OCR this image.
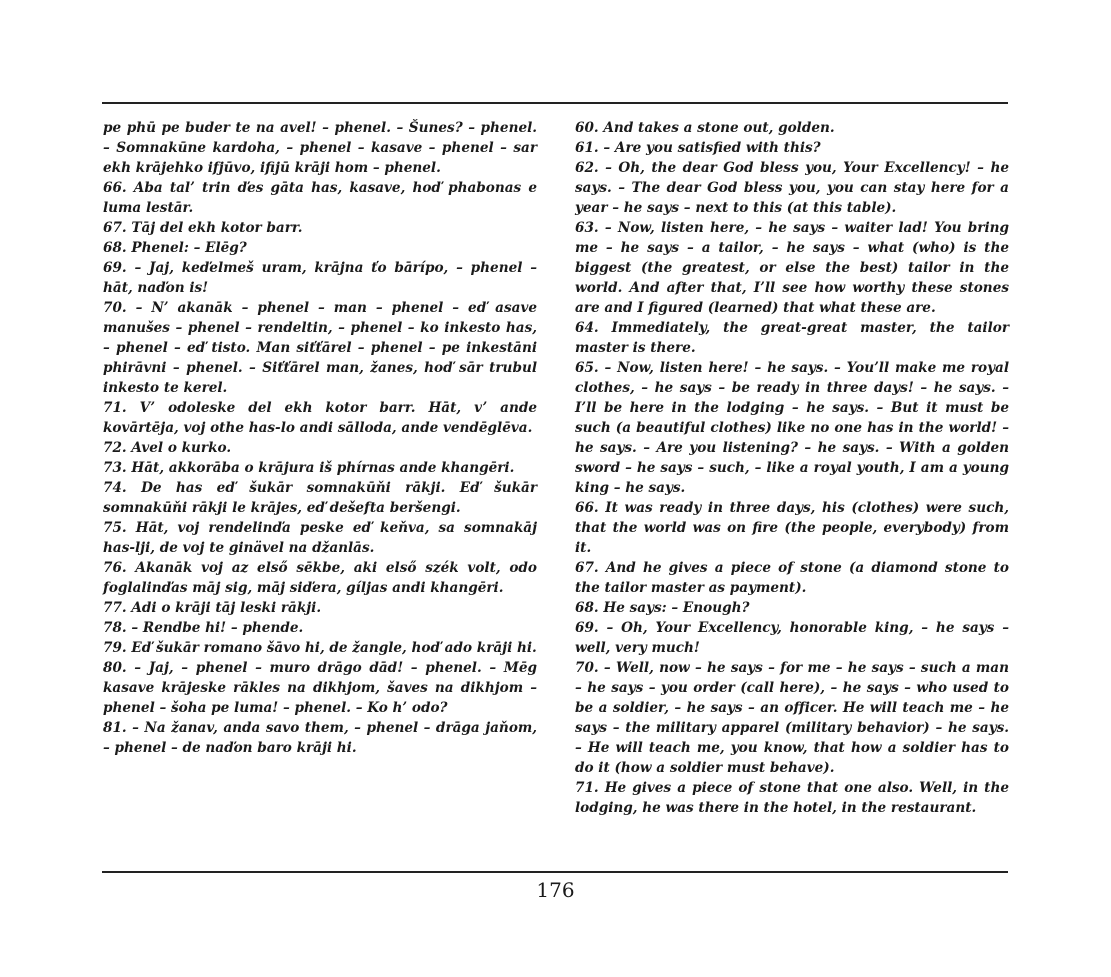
pe phū pe buder te na avel! – phenel. – Šunes? – phenel. – Somnakūne kardoha, – phenel – kasave – phenel – sar ekh krājehko ifjūvo, ifijū krāji hom – phenel.

66. Aba tal’ trin ďes gāta has, kasave, hoď phabonas e luma lestār.

67. Tāj del ekh kotor barr.

68. Phenel: – Elēg?

69. – Jaj, keďelmeš uram, krājna ťo bārípo, – phenel – hāt, naďon is!

70. – N’ akanāk – phenel – man – phenel – eď asave manušes – phenel – rendeltin, – phenel – ko inkesto has, – phenel – eď tisto. Man siťťārel – phenel – pe inkestāni phirāvni – phenel. – Siťťārel man, žanes, hoď sār trubul inkesto te kerel.

71. V’ odoleske del ekh kotor barr. Hāt, v’ ande kovārtēja, voj othe has-lo andi sālloda, ande vendēglēva.

72. Avel o kurko.

73. Hāt, akkorāba o krājura iš phírnas ande khangēri.

74. De has eď šukār somnakūňi rākji. Eď šukār somnakūňi rākji le krājes, eď dešefta beršengi.

75. Hāt, voj rendelinďa peske eď keňva, sa somnakāj has-lji, de voj te ginävel na džanlās.

76. Akanāk voj az első sēkbe, aki első szék volt, odo foglalinďas māj sig, māj siďera, gíljas andi khangēri.

77. Adi o krāji tāj leski rākji.

78. – Rendbe hi! – phende.

79. Eď šukār romano šāvo hi, de žangle, hoď ado krāji hi.

80. – Jaj, – phenel – muro drāgo dād! – phenel. – Mēg kasave krājeske rākles na dikhjom, šaves na dikhjom – phenel – šoha pe luma! – phenel. – Ko h’ odo?

81. – Na žanav, anda savo them, – phenel – drāga jaňom, – phenel – de naďon baro krāji hi.

60. And takes a stone out, golden.

61. – Are you satisfied with this?

62. – Oh, the dear God bless you, Your Excellency! – he says. – The dear God bless you, you can stay here for a year – he says – next to this (at this table).

63. – Now, listen here, – he says – waiter lad! You bring me – he says – a tailor, – he says – what (who) is the biggest (the greatest, or else the best) tailor in the world. And after that, I’ll see how worthy these stones are and I figured (learned) that what these are.

64. Immediately, the great-great master, the tailor master is there.

65. – Now, listen here! – he says. – You’ll make me royal clothes, – he says – be ready in three days! – he says. – I’ll be here in the lodging – he says. – But it must be such (a beautiful clothes) like no one has in the world! – he says. – Are you listening? – he says. – With a golden sword – he says – such, – like a royal youth, I am a young king – he says.

66. It was ready in three days, his (clothes) were such, that the world was on fire (the people, everybody) from it.

67. And he gives a piece of stone (a diamond stone to the tailor master as payment).

68. He says: – Enough?

69. – Oh, Your Excellency, honorable king, – he says – well, very much!

70. – Well, now – he says – for me – he says – such a man – he says – you order (call here), – he says – who used to be a soldier, – he says – an officer. He will teach me – he says – the military apparel (military behavior) – he says. – He will teach me, you know, that how a soldier has to do it (how a soldier must behave).

71. He gives a piece of stone that one also. Well, in the lodging, he was there in the hotel, in the restaurant.

176
